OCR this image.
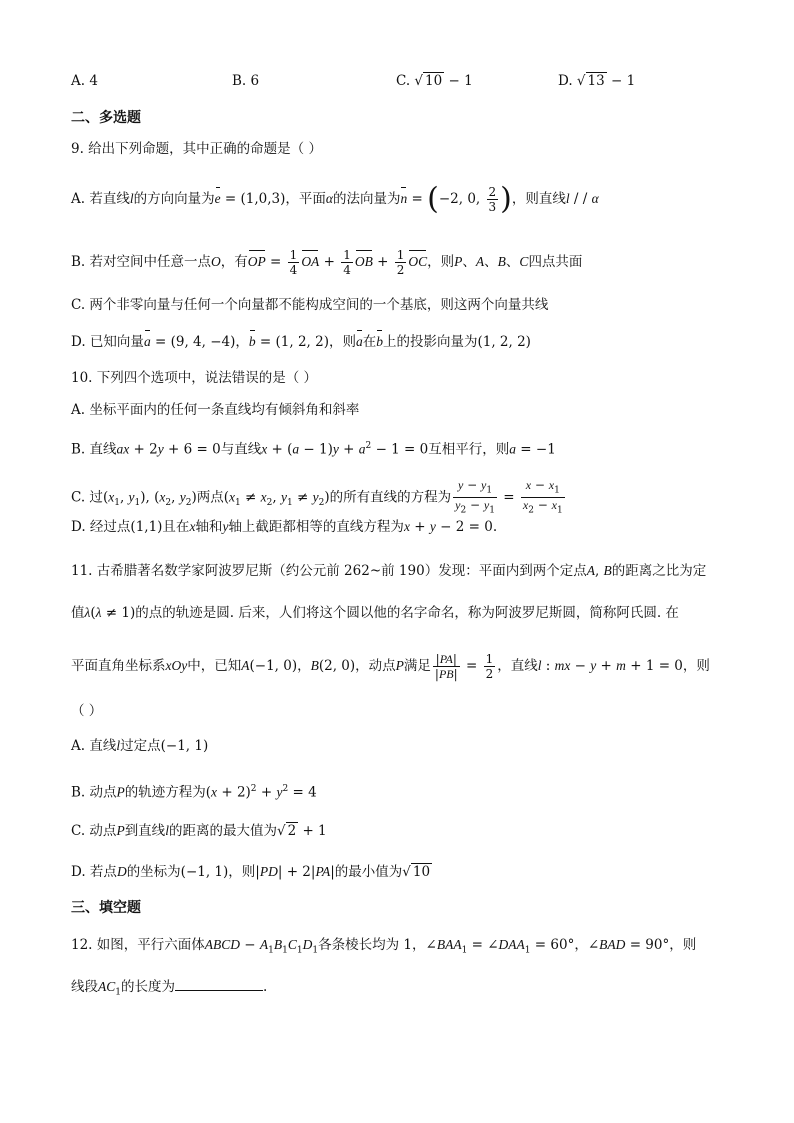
A. 4	B. 6	C. √ 10 − 1	D. √ 13 − 1
二、多选题
9. 给出下列命题，其中正确的命题是（ ）
A. 若直线l的方向向量为e = (1,0,3)，平面α的法向量为n = (−2, 0, $\frac{2}{3}$ )，则直线l / / α
B. 若对空间中任意一点O，有OP = $\frac{1}{4}$ OA + $\frac{1}{4}$ OB + $\frac{1}{2}$ OC，则P、A、B、C四点共面
C. 两个非零向量与任何一个向量都不能构成空间的一个基底，则这两个向量共线
D. 已知向量a = (9, 4, −4)，b = (1, 2, 2)，则a在b上的投影向量为(1, 2, 2)
10. 下列四个选项中，说法错误的是（ ）
A. 坐标平面内的任何一条直线均有倾斜角和斜率
B. 直线ax + 2y + 6 = 0与直线$x + (a - 1)y + a^2 - 1 = 0$互相平行，则a = −1
C. 过($x_1$, $y_1$), ($x_2$, $y_2$)两点($x_1 \ne x_2$, $y_1 \ne y_2$)的所有直线的方程为 $\frac{y - y_1}{y_2 - y_1} = \frac{x - x_1}{x_2 - x_1}$
D. 经过点(1,1)且在x轴和y轴上截距都相等的直线方程为x + y − 2 = 0.
11. 古希腊著名数学家阿波罗尼斯（约公元前 262~前 190）发现：平面内到两个定点A, B的距离之比为定
值λ(λ ≠ 1)的点的轨迹是圆. 后来，人们将这个圆以他的名字命名，称为阿波罗尼斯圆，简称阿氏圆. 在
平面直角坐标系xOy中，已知A(−1, 0)，B(2, 0)，动点P满足 $\frac{|PA|}{|PB|} = \frac{1}{2}$ ，直线l : mx − y + m + 1 = 0，则
（ ）
A. 直线l过定点(−1, 1)
B. 动点P的轨迹方程为$(x + 2)^2 + y^2 = 4$
C. 动点P到直线l的距离的最大值为√ 2 + 1
D. 若点D的坐标为(−1, 1)，则|PD| + 2|PA|的最小值为√ 10
三、填空题
12. 如图，平行六面体ABCD − $A_1B_1C_1D_1$各条棱长均为 1，$\angle BAA_1$ = $\angle DAA_1 = 60^\circ$，∠BAD = 90°，则
线段$AC_1$的长度为	.
